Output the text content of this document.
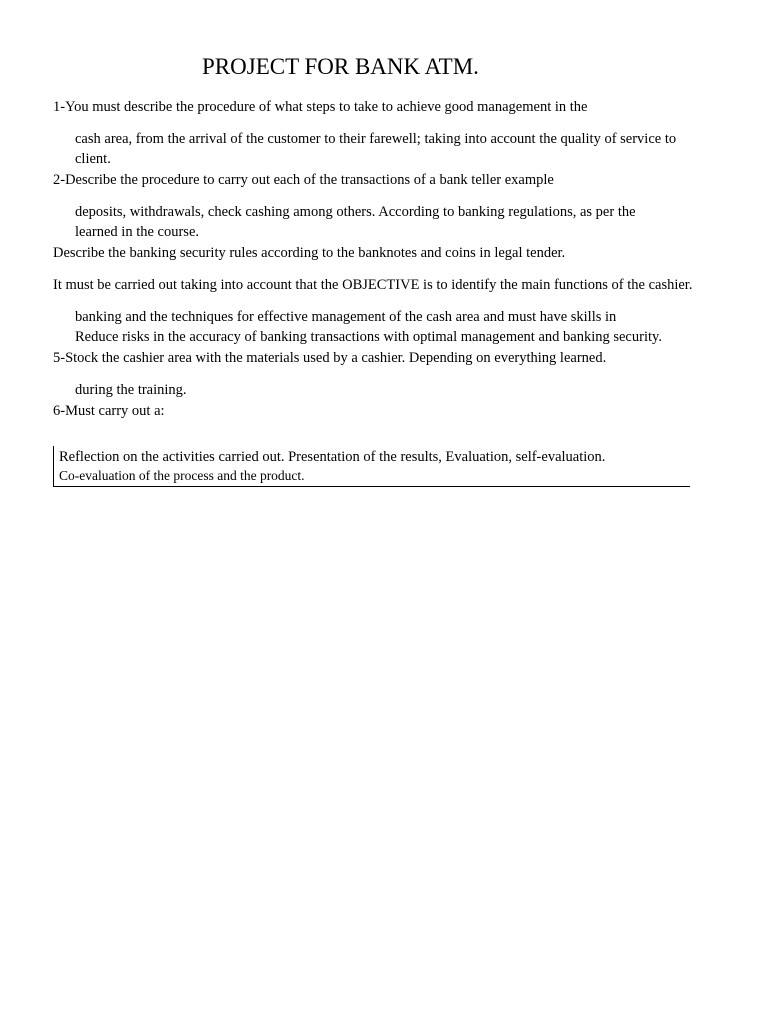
PROJECT FOR BANK ATM.
1-You must describe the procedure of what steps to take to achieve good management in the
cash area, from the arrival of the customer to their farewell; taking into account the quality of service to
client.
2-Describe the procedure to carry out each of the transactions of a bank teller example
deposits, withdrawals, check cashing among others. According to banking regulations, as per the
learned in the course.
Describe the banking security rules according to the banknotes and coins in legal tender.
It must be carried out taking into account that the OBJECTIVE is to identify the main functions of the cashier.
banking and the techniques for effective management of the cash area and must have skills in
Reduce risks in the accuracy of banking transactions with optimal management and banking security.
5-Stock the cashier area with the materials used by a cashier. Depending on everything learned.
during the training.
6-Must carry out a:
Reflection on the activities carried out. Presentation of the results, Evaluation, self-evaluation.
Co-evaluation of the process and the product.
